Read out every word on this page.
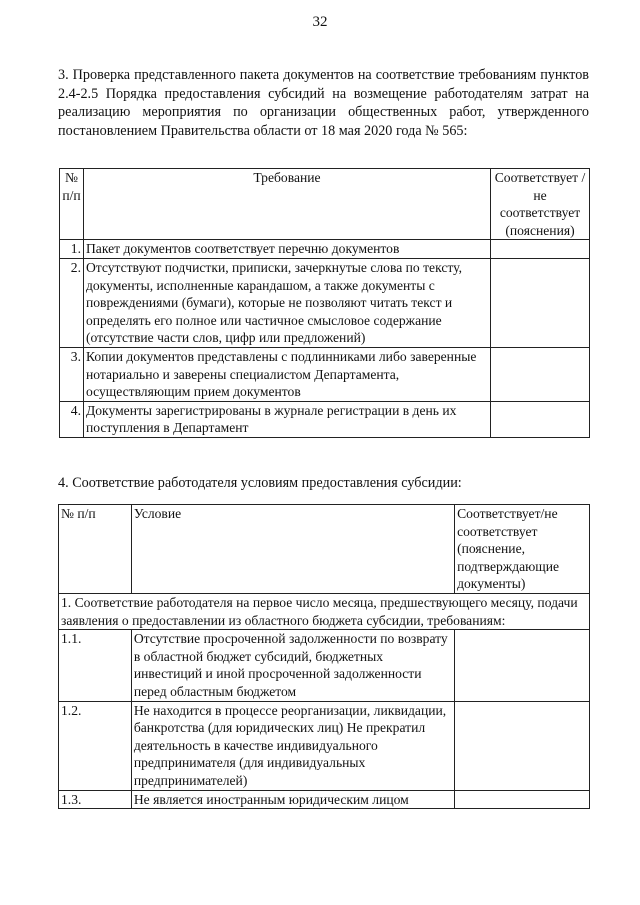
32
3. Проверка представленного пакета документов на соответствие требованиям пунктов 2.4-2.5 Порядка предоставления субсидий на возмещение работодателям затрат на реализацию мероприятия по организации общественных работ, утвержденного постановлением Правительства области от 18 мая 2020 года № 565:
№ п/п	Требование	Соответствует /не соответствует (пояснения)
1.	Пакет документов соответствует перечню документов	
2.	Отсутствуют подчистки, приписки, зачеркнутые слова по тексту, документы, исполненные карандашом, а также документы с повреждениями (бумаги), которые не позволяют читать текст и определять его полное или частичное смысловое содержание (отсутствие части слов, цифр или предложений)	
3.	Копии документов представлены с подлинниками либо заверенные нотариально и заверены специалистом Департамента, осуществляющим прием документов	
4.	Документы зарегистрированы в журнале регистрации в день их поступления в Департамент	
4. Соответствие работодателя условиям предоставления субсидии:
№ п/п	Условие	Соответствует/не соответствует (пояснение, подтверждающие документы)
1. Соответствие работодателя на первое число месяца, предшествующего месяцу, подачи заявления о предоставлении из областного бюджета субсидии, требованиям:		
1.1.	Отсутствие просроченной задолженности по возврату в областной бюджет субсидий, бюджетных инвестиций и иной просроченной задолженности перед областным бюджетом	
1.2.	Не находится в процессе реорганизации, ликвидации, банкротства (для юридических лиц) Не прекратил деятельность в качестве индивидуального предпринимателя (для индивидуальных предпринимателей)	
1.3.	Не является иностранным юридическим лицом	
